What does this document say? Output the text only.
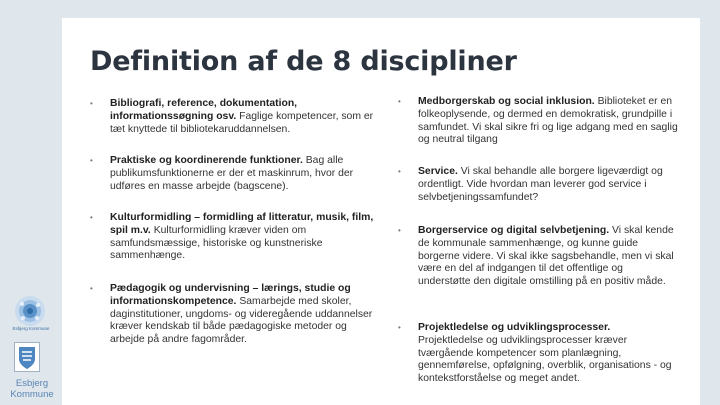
Esbjerg Kommune
Esbjerg
Kommune
Definition af de 8 discipliner
• Bibliografi, reference, dokumentation, informationssøgning osv. Faglige kompetencer, som er tæt knyttede til bibliotekaruddannelsen.
• Praktiske og koordinerende funktioner. Bag alle publikumsfunktionerne er der et maskinrum, hvor der udføres en masse arbejde (bagscene).
• Kulturformidling – formidling af litteratur, musik, film, spil m.v. Kulturformidling kræver viden om samfundsmæssige, historiske og kunstneriske sammenhænge.
• Pædagogik og undervisning – lærings, studie og informationskompetence. Samarbejde med skoler, daginstitutioner, ungdoms- og videregående uddannelser kræver kendskab til både pædagogiske metoder og arbejde på andre fagområder.
• Medborgerskab og social inklusion. Biblioteket er en folkeoplysende, og dermed en demokratisk, grundpille i samfundet. Vi skal sikre fri og lige adgang med en saglig og neutral tilgang
• Service. Vi skal behandle alle borgere ligeværdigt og ordentligt. Vide hvordan man leverer god service i selvbetjeningssamfundet?
• Borgerservice og digital selvbetjening. Vi skal kende de kommunale sammenhænge, og kunne guide borgerne videre. Vi skal ikke sagsbehandle, men vi skal være en del af indgangen til det offentlige og understøtte den digitale omstilling på en positiv måde.
• Projektledelse og udviklingsprocesser. Projektledelse og udviklingsprocesser kræver tværgående kompetencer som planlægning, gennemførelse, opfølgning, overblik, organisations - og kontekstforståelse og meget andet.
